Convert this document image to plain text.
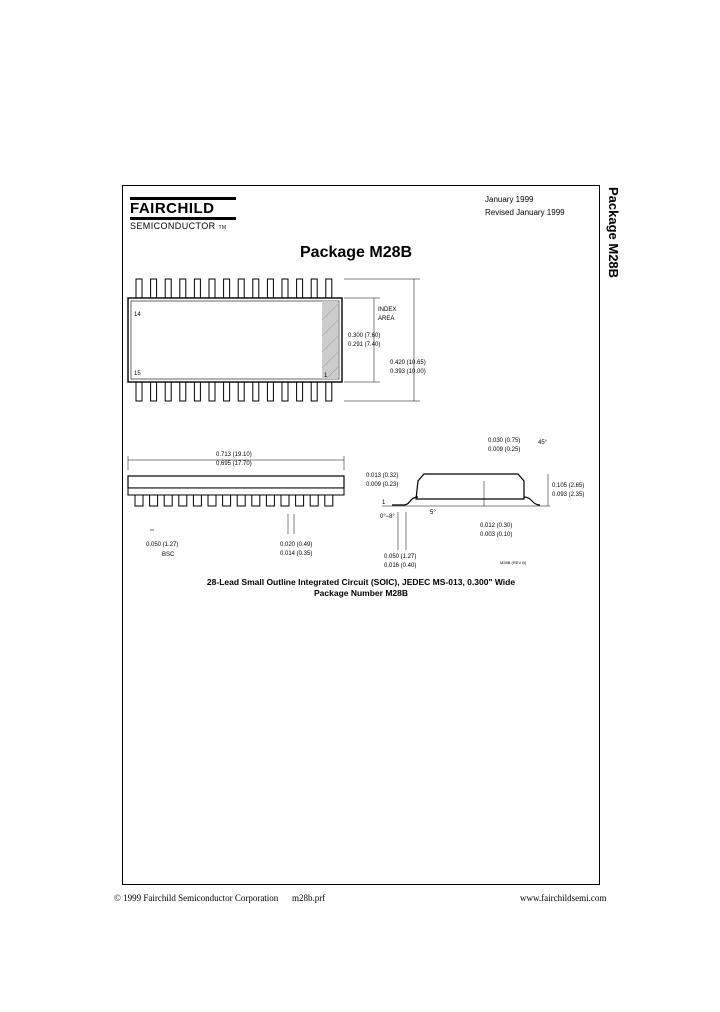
FAIRCHILD
SEMICONDUCTOR TM
January 1999
Revised January 1999
Package M28B	Package M28B
14
15	1
INDEX
AREA
0.300 (7.60)
0.291 (7.40)
0.420 (10.65)
0.393 (10.00)
0.713 (19.10)
0.695 (17.70)
0.050 (1.27)
BSC
0.020 (0.49)
0.014 (0.35)
0.030 (0.75)
0.009 (0.25)
45°
0.013 (0.32)
0.009 (0.23)	0.105 (2.65)
0.093 (2.35)
0.012 (0.30)
0.003 (0.10)
1
5°
0.050 (1.27)
0.016 (0.40)
0°–8°
M28B (REV B)
28-Lead Small Outline Integrated Circuit (SOIC), JEDEC MS-013, 0.300" Wide
Package Number M28B
© 1999 Fairchild Semiconductor Corporation m28b.prf	www.fairchildsemi.com
